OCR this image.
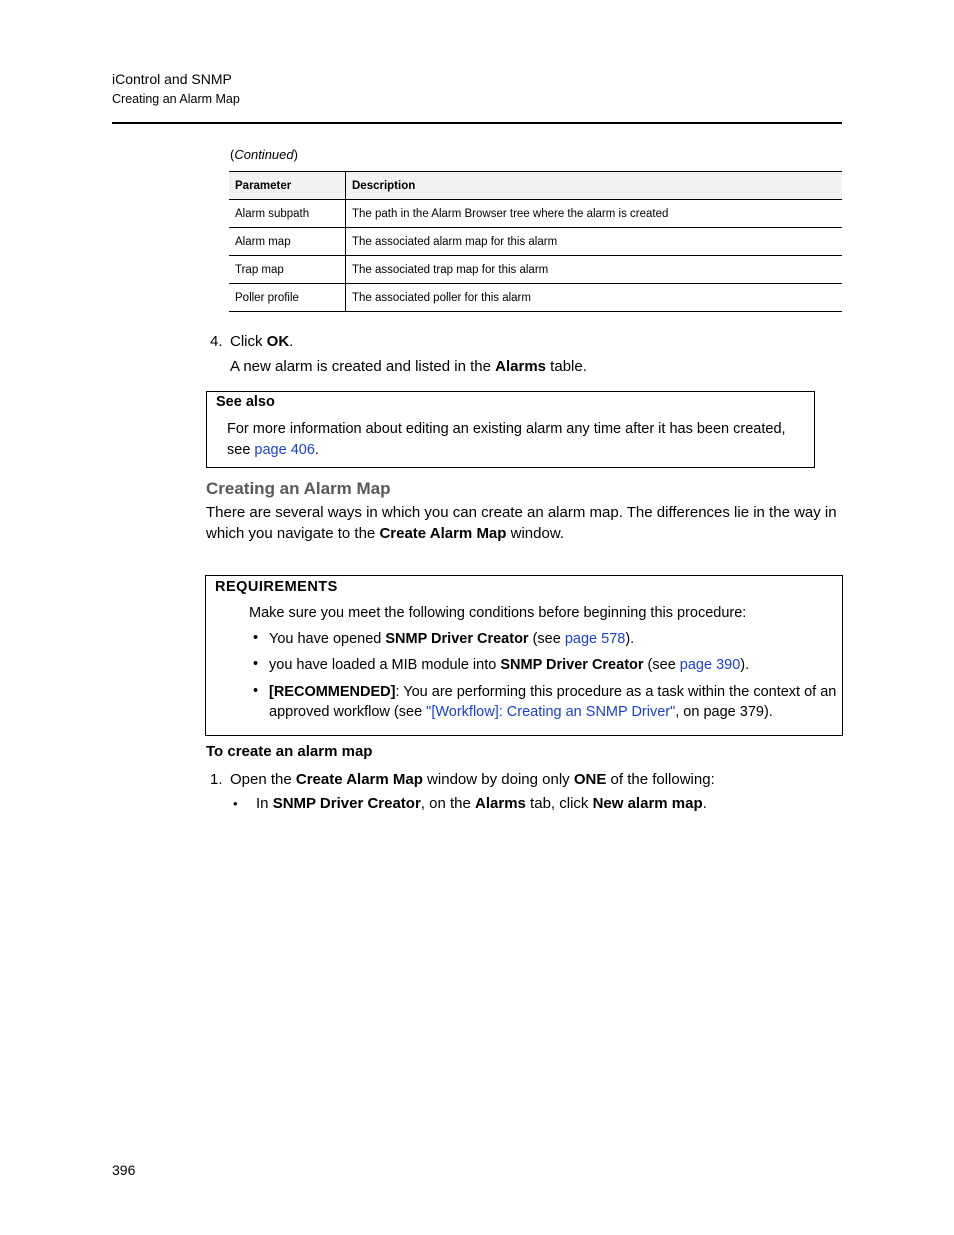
iControl and SNMP
Creating an Alarm Map
(Continued)
Parameter	Description
Alarm subpath	The path in the Alarm Browser tree where the alarm is created
Alarm map	The associated alarm map for this alarm
Trap map	The associated trap map for this alarm
Poller profile	The associated poller for this alarm
4. Click OK.
A new alarm is created and listed in the Alarms table.
See also
For more information about editing an existing alarm any time after it has been created, see page 406.
Creating an Alarm Map
There are several ways in which you can create an alarm map. The differences lie in the way in which you navigate to the Create Alarm Map window.
REQUIREMENTS
Make sure you meet the following conditions before beginning this procedure:
• You have opened SNMP Driver Creator (see page 578).
• you have loaded a MIB module into SNMP Driver Creator (see page 390).
• [RECOMMENDED]: You are performing this procedure as a task within the context of an approved workflow (see "[Workflow]: Creating an SNMP Driver", on page 379).
To create an alarm map
1. Open the Create Alarm Map window by doing only ONE of the following:
• In SNMP Driver Creator, on the Alarms tab, click New alarm map.
396
